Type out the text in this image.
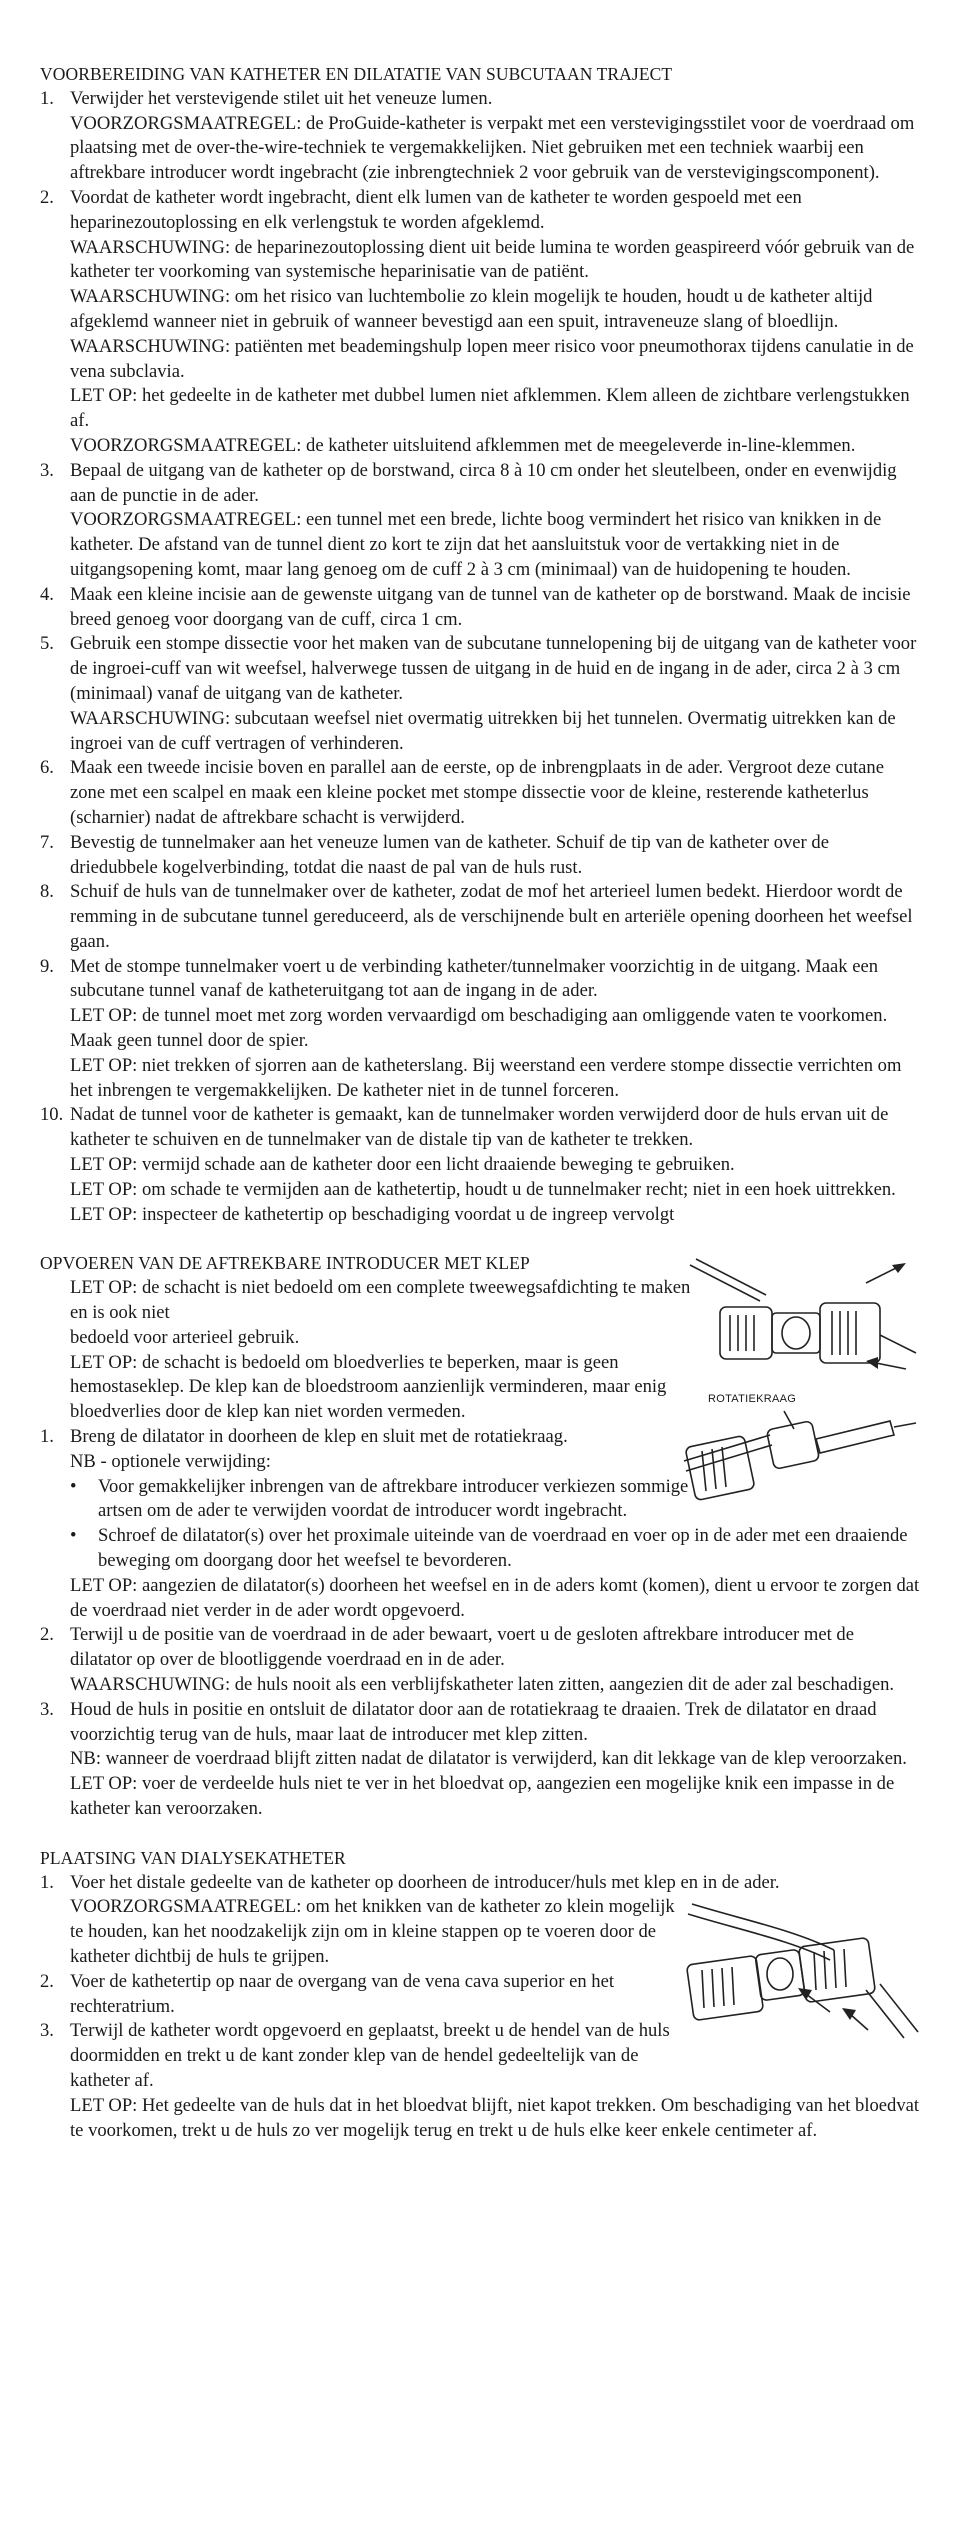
VOORBEREIDING VAN KATHETER EN DILATATIE VAN SUBCUTAAN TRAJECT

1. Verwijder het verstevigende stilet uit het veneuze lumen.
VOORZORGSMAATREGEL: de ProGuide-katheter is verpakt met een verstevigingsstilet voor de voerdraad om plaatsing met de over-the-wire-techniek te vergemakkelijken. Niet gebruiken met een techniek waarbij een aftrekbare introducer wordt ingebracht (zie inbrengtechniek 2 voor gebruik van de verstevigingscomponent).
2. Voordat de katheter wordt ingebracht, dient elk lumen van de katheter te worden gespoeld met een heparinezoutoplossing en elk verlengstuk te worden afgeklemd.
WAARSCHUWING: de heparinezoutoplossing dient uit beide lumina te worden geaspireerd vóór gebruik van de katheter ter voorkoming van systemische heparinisatie van de patiënt.
WAARSCHUWING: om het risico van luchtembolie zo klein mogelijk te houden, houdt u de katheter altijd afgeklemd wanneer niet in gebruik of wanneer bevestigd aan een spuit, intraveneuze slang of bloedlijn.
WAARSCHUWING: patiënten met beademingshulp lopen meer risico voor pneumothorax tijdens canulatie in de vena subclavia.
LET OP: het gedeelte in de katheter met dubbel lumen niet afklemmen. Klem alleen de zichtbare verlengstukken af.
VOORZORGSMAATREGEL: de katheter uitsluitend afklemmen met de meegeleverde in-line-klemmen.
3. Bepaal de uitgang van de katheter op de borstwand, circa 8 à 10 cm onder het sleutelbeen, onder en evenwijdig aan de punctie in de ader.
VOORZORGSMAATREGEL: een tunnel met een brede, lichte boog vermindert het risico van knikken in de katheter. De afstand van de tunnel dient zo kort te zijn dat het aansluitstuk voor de vertakking niet in de uitgangsopening komt, maar lang genoeg om de cuff 2 à 3 cm (minimaal) van de huidopening te houden.
4. Maak een kleine incisie aan de gewenste uitgang van de tunnel van de katheter op de borstwand. Maak de incisie breed genoeg voor doorgang van de cuff, circa 1 cm.
5. Gebruik een stompe dissectie voor het maken van de subcutane tunnelopening bij de uitgang van de katheter voor de ingroei-cuff van wit weefsel, halverwege tussen de uitgang in de huid en de ingang in de ader, circa 2 à 3 cm (minimaal) vanaf de uitgang van de katheter.
WAARSCHUWING: subcutaan weefsel niet overmatig uitrekken bij het tunnelen. Overmatig uitrekken kan de ingroei van de cuff vertragen of verhinderen.
6. Maak een tweede incisie boven en parallel aan de eerste, op de inbrengplaats in de ader. Vergroot deze cutane zone met een scalpel en maak een kleine pocket met stompe dissectie voor de kleine, resterende katheterlus (scharnier) nadat de aftrekbare schacht is verwijderd.
7. Bevestig de tunnelmaker aan het veneuze lumen van de katheter. Schuif de tip van de katheter over de driedubbele kogelverbinding, totdat die naast de pal van de huls rust.
8. Schuif de huls van de tunnelmaker over de katheter, zodat de mof het arterieel lumen bedekt. Hierdoor wordt de remming in de subcutane tunnel gereduceerd, als de verschijnende bult en arteriële opening doorheen het weefsel gaan.
9. Met de stompe tunnelmaker voert u de verbinding katheter/tunnelmaker voorzichtig in de uitgang. Maak een subcutane tunnel vanaf de katheteruitgang tot aan de ingang in de ader.
LET OP: de tunnel moet met zorg worden vervaardigd om beschadiging aan omliggende vaten te voorkomen. Maak geen tunnel door de spier.
LET OP: niet trekken of sjorren aan de katheterslang. Bij weerstand een verdere stompe dissectie verrichten om het inbrengen te vergemakkelijken. De katheter niet in de tunnel forceren.
10. Nadat de tunnel voor de katheter is gemaakt, kan de tunnelmaker worden verwijderd door de huls ervan uit de katheter te schuiven en de tunnelmaker van de distale tip van de katheter te trekken.
LET OP: vermijd schade aan de katheter door een licht draaiende beweging te gebruiken.
LET OP: om schade te vermijden aan de kathetertip, houdt u de tunnelmaker recht; niet in een hoek uittrekken.
LET OP: inspecteer de kathetertip op beschadiging voordat u de ingreep vervolgt

OPVOEREN VAN DE AFTREKBARE INTRODUCER MET KLEP

LET OP: de schacht is niet bedoeld om een complete tweewegsafdichting te maken en is ook niet
bedoeld voor arterieel gebruik.
LET OP: de schacht is bedoeld om bloedverlies te beperken, maar is geen hemostaseklep. De klep kan de bloedstroom aanzienlijk verminderen, maar enig bloedverlies door de klep kan niet worden vermeden.
ROTATIEKRAAG
1. Breng de dilatator in doorheen de klep en sluit met de rotatiekraag.
NB - optionele verwijding:
• Voor gemakkelijker inbrengen van de aftrekbare introducer verkiezen sommige artsen om de ader te verwijden voordat de introducer wordt ingebracht.
• Schroef de dilatator(s) over het proximale uiteinde van de voerdraad en voer op in de ader met een draaiende beweging om doorgang door het weefsel te bevorderen.
LET OP: aangezien de dilatator(s) doorheen het weefsel en in de aders komt (komen), dient u ervoor te zorgen dat de voerdraad niet verder in de ader wordt opgevoerd.
2. Terwijl u de positie van de voerdraad in de ader bewaart, voert u de gesloten aftrekbare introducer met de dilatator op over de blootliggende voerdraad en in de ader.
WAARSCHUWING: de huls nooit als een verblijfskatheter laten zitten, aangezien dit de ader zal beschadigen.
3. Houd de huls in positie en ontsluit de dilatator door aan de rotatiekraag te draaien. Trek de dilatator en draad voorzichtig terug van de huls, maar laat de introducer met klep zitten.
NB: wanneer de voerdraad blijft zitten nadat de dilatator is verwijderd, kan dit lekkage van de klep veroorzaken.
LET OP: voer de verdeelde huls niet te ver in het bloedvat op, aangezien een mogelijke knik een impasse in de katheter kan veroorzaken.

PLAATSING VAN DIALYSEKATHETER

1. Voer het distale gedeelte van de katheter op doorheen de introducer/huls met klep en in de ader.
VOORZORGSMAATREGEL: om het knikken van de katheter zo klein mogelijk te houden, kan het noodzakelijk zijn om in kleine stappen op te voeren door de katheter dichtbij de huls te grijpen.
2. Voer de kathetertip op naar de overgang van de vena cava superior en het rechteratrium.
3. Terwijl de katheter wordt opgevoerd en geplaatst, breekt u de hendel van de huls doormidden en trekt u de kant zonder klep van de hendel gedeeltelijk van de katheter af.
LET OP: Het gedeelte van de huls dat in het bloedvat blijft, niet kapot trekken. Om beschadiging van het bloedvat te voorkomen, trekt u de huls zo ver mogelijk terug en trekt u de huls elke keer enkele centimeter af.
